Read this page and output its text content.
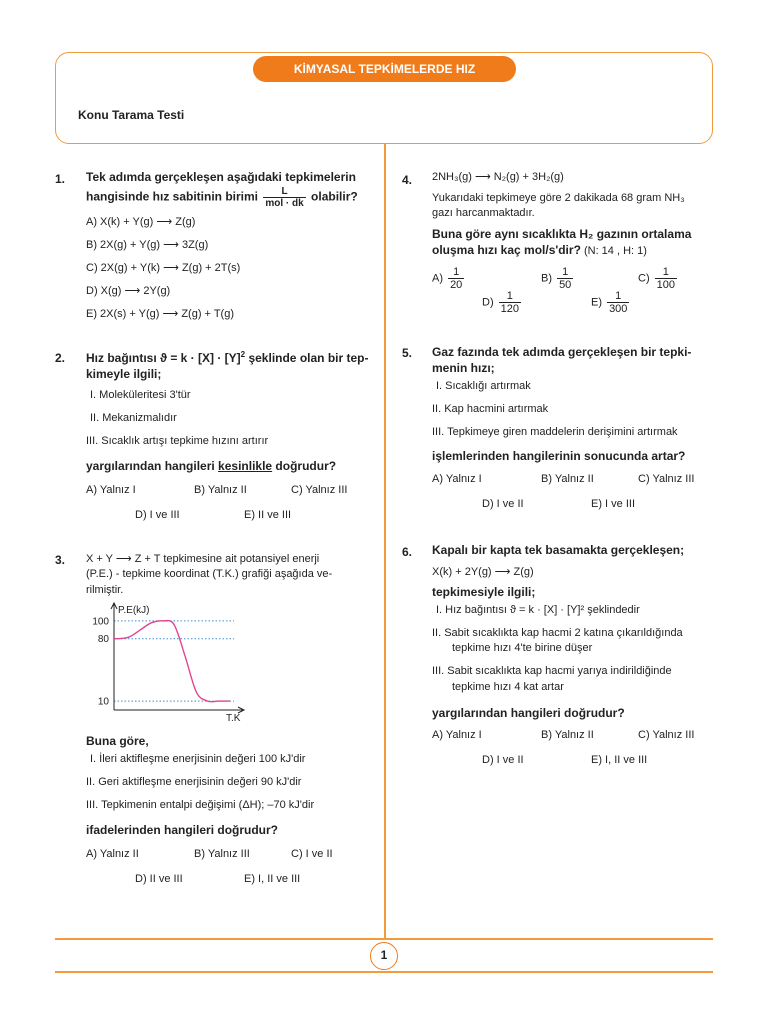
KİMYASAL TEPKİMELERDE HIZ
Konu Tarama Testi
1. Tek adımda gerçekleşen aşağıdaki tepkimelerin
hangisinde hız sabitinin birimi $\frac{L}{\text{mol · dk}}$ olabilir?
A) X(k) + Y(g) ⟶ Z(g)
B) 2X(g) + Y(g) ⟶ 3Z(g)
C) 2X(g) + Y(k) ⟶ Z(g) + 2T(s)
D) X(g) ⟶ 2Y(g)
E) 2X(s) + Y(g) ⟶ Z(g) + T(g)
2. Hız bağıntısı $ϑ = k \cdot [X] \cdot [Y]^2$ şeklinde olan bir tep-
kimeyle ilgili;
I. Moleküleritesi 3'tür
II. Mekanizmalıdır
III. Sıcaklık artışı tepkime hızını artırır
yargılarından hangileri kesinlikle doğrudur?
A) Yalnız I	B) Yalnız II	C) Yalnız III
D) I ve III	E) II ve III
3. X + Y ⟶ Z + T tepkimesine ait potansiyel enerji
(P.E.) - tepkime koordinat (T.K.) grafiği aşağıda ve-
rilmiştir.
100
80
10
P.E(kJ)
T.K
Buna göre,
I. İleri aktifleşme enerjisinin değeri 100 kJ'dir
II. Geri aktifleşme enerjisinin değeri 90 kJ'dir
III. Tepkimenin entalpi değişimi (ΔH); –70 kJ'dir
ifadelerinden hangileri doğrudur?
A) Yalnız II	B) Yalnız III	C) I ve II
D) II ve III	E) I, II ve III
4. 2NH₃(g) ⟶ N₂(g) + 3H₂(g)
Yukarıdaki tepkimeye göre 2 dakikada 68 gram NH₃
gazı harcanmaktadır.
Buna göre aynı sıcaklıkta H₂ gazının ortalama
oluşma hızı kaç mol/s'dir? (N: 14 , H: 1)
$A) \frac{1}{20}$	$B) \frac{1}{50}$	$C) \frac{1}{100}$
$D) \frac{1}{120}$	$E) \frac{1}{300}$
5. Gaz fazında tek adımda gerçekleşen bir tepki-
menin hızı;
I. Sıcaklığı artırmak
II. Kap hacmini artırmak
III. Tepkimeye giren maddelerin derişimini artırmak
işlemlerinden hangilerinin sonucunda artar?
A) Yalnız I	B) Yalnız II	C) Yalnız III
D) I ve II	E) I ve III
6. Kapalı bir kapta tek basamakta gerçekleşen;
X(k) + 2Y(g) ⟶ Z(g)
tepkimesiyle ilgili;
I. Hız bağıntısı ϑ = k · [X] · [Y]² şeklindedir
II. Sabit sıcaklıkta kap hacmi 2 katına çıkarıldığında
tepkime hızı 4'te birine düşer
III. Sabit sıcaklıkta kap hacmi yarıya indirildiğinde
tepkime hızı 4 kat artar
yargılarından hangileri doğrudur?
A) Yalnız I	B) Yalnız II	C) Yalnız III
D) I ve II	E) I, II ve III
1
